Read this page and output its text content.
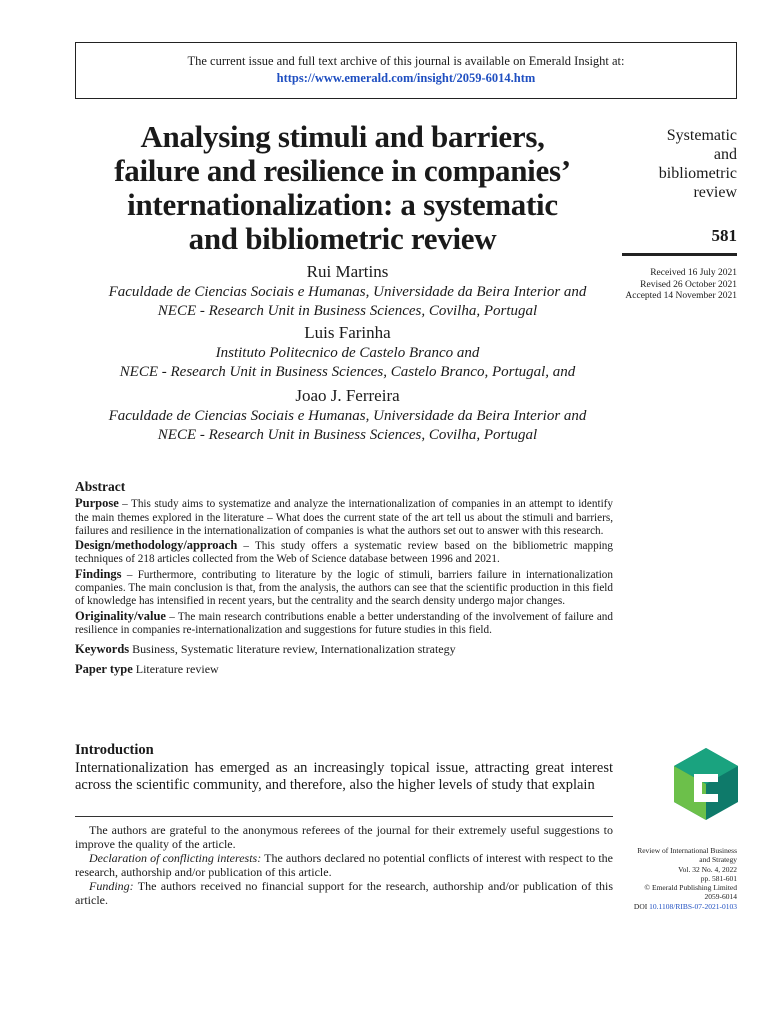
The current issue and full text archive of this journal is available on Emerald Insight at:
https://www.emerald.com/insight/2059-6014.htm
Analysing stimuli and barriers,
failure and resilience in companies’
internationalization: a systematic
and bibliometric review
Rui Martins
Faculdade de Ciencias Sociais e Humanas, Universidade da Beira Interior and
NECE - Research Unit in Business Sciences, Covilha, Portugal
Luis Farinha
Instituto Politecnico de Castelo Branco and
NECE - Research Unit in Business Sciences, Castelo Branco, Portugal, and
Joao J. Ferreira
Faculdade de Ciencias Sociais e Humanas, Universidade da Beira Interior and
NECE - Research Unit in Business Sciences, Covilha, Portugal
Systematic
and
bibliometric
review
581
Received 16 July 2021
Revised 26 October 2021
Accepted 14 November 2021
Abstract

Purpose – This study aims to systematize and analyze the internationalization of companies in an attempt to identify the main themes explored in the literature – What does the current state of the art tell us about the stimuli and barriers, failures and resilience in the internationalization of companies is what the authors set out to answer with this research.

Design/methodology/approach – This study offers a systematic review based on the bibliometric mapping techniques of 218 articles collected from the Web of Science database between 1996 and 2021.

Findings – Furthermore, contributing to literature by the logic of stimuli, barriers failure in internationalization companies. The main conclusion is that, from the analysis, the authors can see that the scientific production in this field of knowledge has intensified in recent years, but the centrality and the search density undergo major changes.

Originality/value – The main research contributions enable a better understanding of the involvement of failure and resilience in companies re-internationalization and suggestions for future studies in this field.

Keywords Business, Systematic literature review, Internationalization strategy

Paper type Literature review

Introduction
Internationalization has emerged as an increasingly topical issue, attracting great interest across the scientific community, and therefore, also the higher levels of study that explain

The authors are grateful to the anonymous referees of the journal for their extremely useful suggestions to improve the quality of the article.

Declaration of conflicting interests: The authors declared no potential conflicts of interest with respect to the research, authorship and/or publication of this article.

Funding: The authors received no financial support for the research, authorship and/or publication of this article.

Review of International Business
and Strategy
Vol. 32 No. 4, 2022
pp. 581-601
© Emerald Publishing Limited
2059-6014
DOI 10.1108/RIBS-07-2021-0103
